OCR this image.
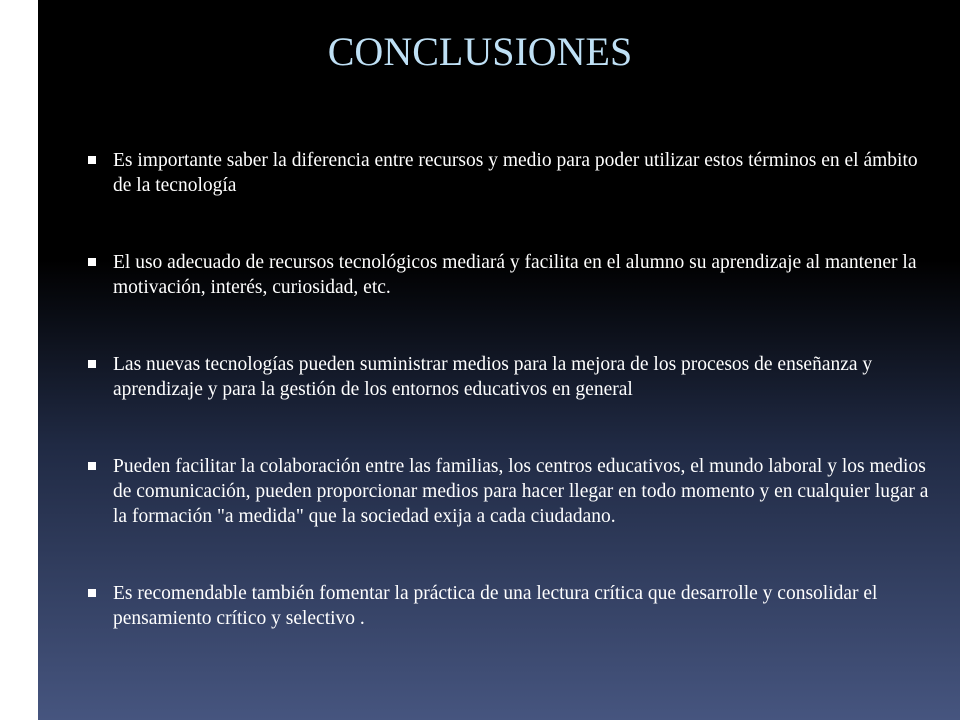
CONCLUSIONES
Es importante saber la diferencia entre recursos y medio para poder utilizar estos términos en el ámbito de la tecnología
El uso adecuado de recursos tecnológicos mediará y facilita en el alumno su aprendizaje al mantener la motivación, interés, curiosidad, etc.
Las nuevas tecnologías pueden suministrar medios para la mejora de los procesos de enseñanza y aprendizaje y para la gestión de los entornos educativos en general
Pueden facilitar la colaboración entre las familias, los centros educativos, el mundo laboral y los medios de comunicación, pueden proporcionar medios para hacer llegar en todo momento y en cualquier lugar a la formación "a medida" que la sociedad exija a cada ciudadano.
Es recomendable también fomentar la práctica de una lectura crítica que desarrolle y consolidar el pensamiento crítico y selectivo .
